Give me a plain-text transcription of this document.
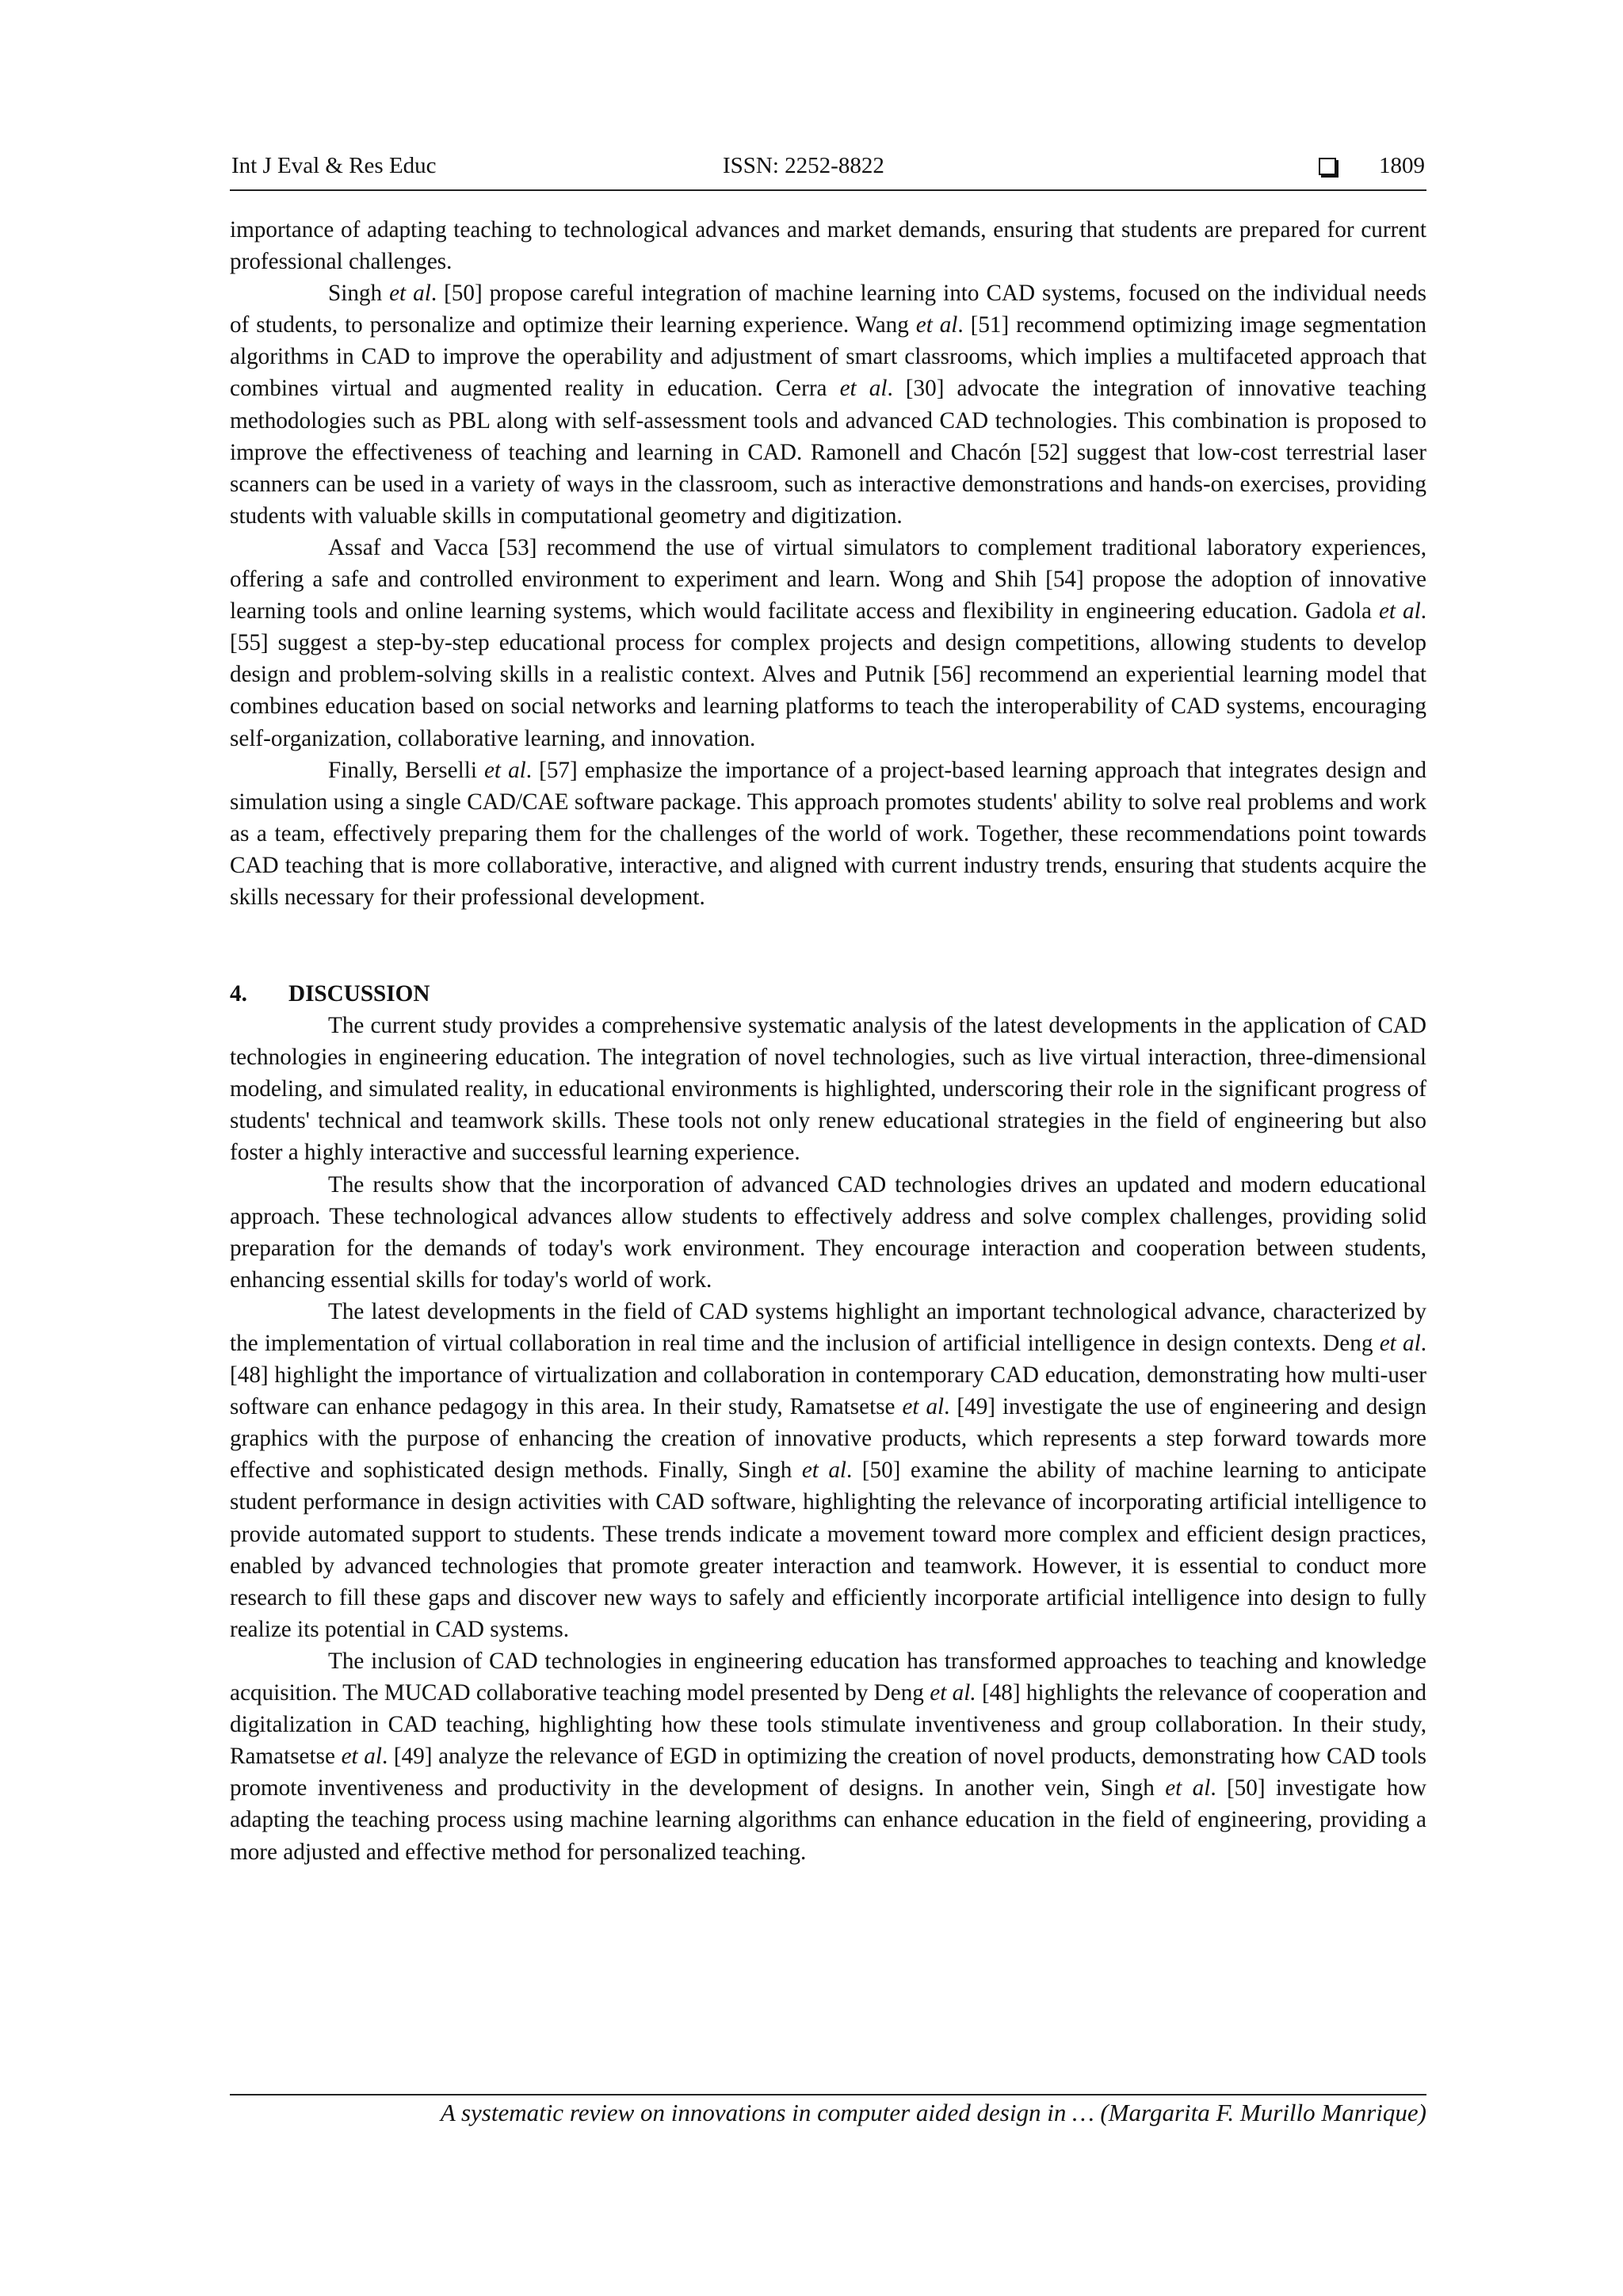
Int J Eval & Res Educ	ISSN: 2252-8822	1809

importance of adapting teaching to technological advances and market demands, ensuring that students are prepared for current professional challenges.

Singh et al. [50] propose careful integration of machine learning into CAD systems, focused on the individual needs of students, to personalize and optimize their learning experience. Wang et al. [51] recommend optimizing image segmentation algorithms in CAD to improve the operability and adjustment of smart classrooms, which implies a multifaceted approach that combines virtual and augmented reality in education. Cerra et al. [30] advocate the integration of innovative teaching methodologies such as PBL along with self-assessment tools and advanced CAD technologies. This combination is proposed to improve the effectiveness of teaching and learning in CAD. Ramonell and Chacón [52] suggest that low-cost terrestrial laser scanners can be used in a variety of ways in the classroom, such as interactive demonstrations and hands-on exercises, providing students with valuable skills in computational geometry and digitization.

Assaf and Vacca [53] recommend the use of virtual simulators to complement traditional laboratory experiences, offering a safe and controlled environment to experiment and learn. Wong and Shih [54] propose the adoption of innovative learning tools and online learning systems, which would facilitate access and flexibility in engineering education. Gadola et al. [55] suggest a step-by-step educational process for complex projects and design competitions, allowing students to develop design and problem-solving skills in a realistic context. Alves and Putnik [56] recommend an experiential learning model that combines education based on social networks and learning platforms to teach the interoperability of CAD systems, encouraging self-organization, collaborative learning, and innovation.

Finally, Berselli et al. [57] emphasize the importance of a project-based learning approach that integrates design and simulation using a single CAD/CAE software package. This approach promotes students' ability to solve real problems and work as a team, effectively preparing them for the challenges of the world of work. Together, these recommendations point towards CAD teaching that is more collaborative, interactive, and aligned with current industry trends, ensuring that students acquire the skills necessary for their professional development.

4. DISCUSSION

The current study provides a comprehensive systematic analysis of the latest developments in the application of CAD technologies in engineering education. The integration of novel technologies, such as live virtual interaction, three-dimensional modeling, and simulated reality, in educational environments is highlighted, underscoring their role in the significant progress of students' technical and teamwork skills. These tools not only renew educational strategies in the field of engineering but also foster a highly interactive and successful learning experience.

The results show that the incorporation of advanced CAD technologies drives an updated and modern educational approach. These technological advances allow students to effectively address and solve complex challenges, providing solid preparation for the demands of today's work environment. They encourage interaction and cooperation between students, enhancing essential skills for today's world of work.

The latest developments in the field of CAD systems highlight an important technological advance, characterized by the implementation of virtual collaboration in real time and the inclusion of artificial intelligence in design contexts. Deng et al. [48] highlight the importance of virtualization and collaboration in contemporary CAD education, demonstrating how multi-user software can enhance pedagogy in this area. In their study, Ramatsetse et al. [49] investigate the use of engineering and design graphics with the purpose of enhancing the creation of innovative products, which represents a step forward towards more effective and sophisticated design methods. Finally, Singh et al. [50] examine the ability of machine learning to anticipate student performance in design activities with CAD software, highlighting the relevance of incorporating artificial intelligence to provide automated support to students. These trends indicate a movement toward more complex and efficient design practices, enabled by advanced technologies that promote greater interaction and teamwork. However, it is essential to conduct more research to fill these gaps and discover new ways to safely and efficiently incorporate artificial intelligence into design to fully realize its potential in CAD systems.

The inclusion of CAD technologies in engineering education has transformed approaches to teaching and knowledge acquisition. The MUCAD collaborative teaching model presented by Deng et al. [48] highlights the relevance of cooperation and digitalization in CAD teaching, highlighting how these tools stimulate inventiveness and group collaboration. In their study, Ramatsetse et al. [49] analyze the relevance of EGD in optimizing the creation of novel products, demonstrating how CAD tools promote inventiveness and productivity in the development of designs. In another vein, Singh et al. [50] investigate how adapting the teaching process using machine learning algorithms can enhance education in the field of engineering, providing a more adjusted and effective method for personalized teaching.

A systematic review on innovations in computer aided design in … (Margarita F. Murillo Manrique)
